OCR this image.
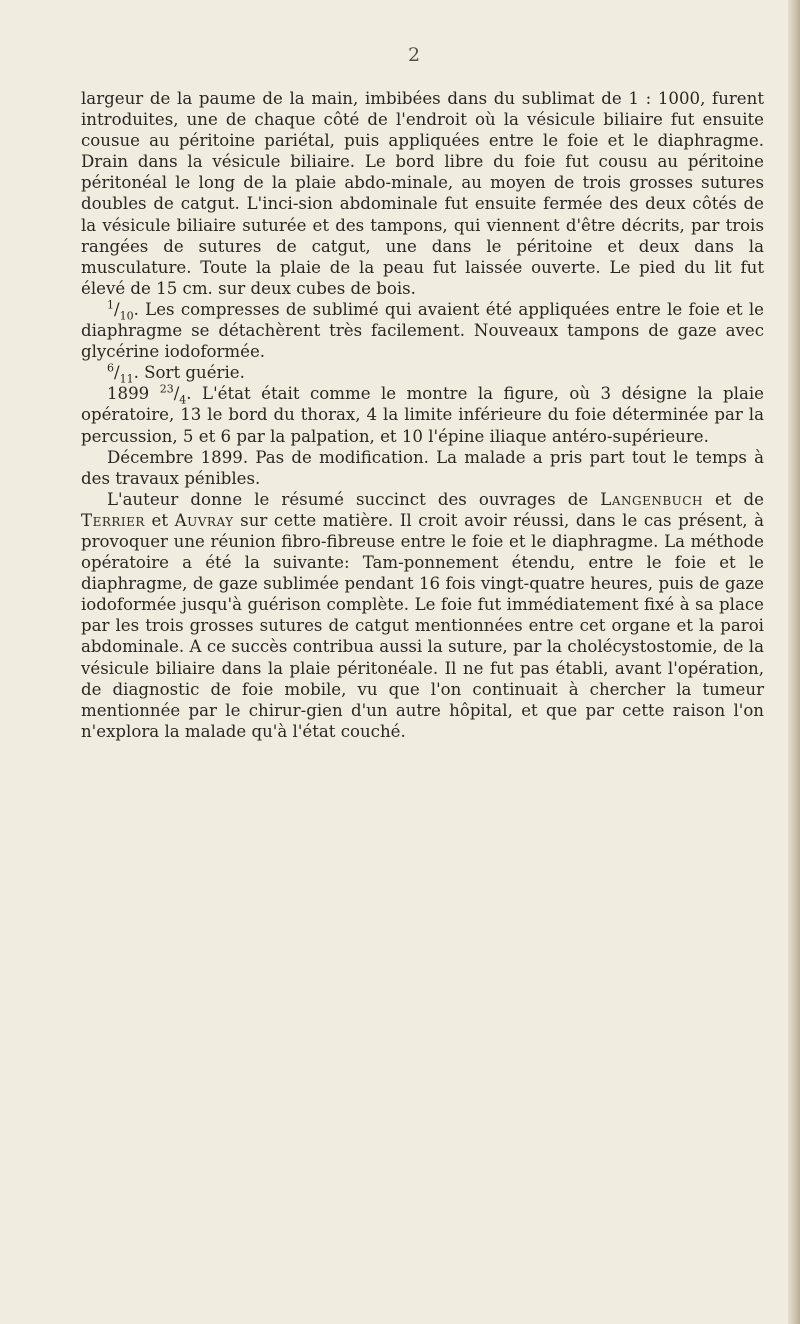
2

largeur de la paume de la main, imbibées dans du sublimat de 1 : 1000, furent introduites, une de chaque côté de l'endroit où la vésicule biliaire fut ensuite cousue au péritoine pariétal, puis appliquées entre le foie et le diaphragme. Drain dans la vésicule biliaire. Le bord libre du foie fut cousu au péritoine péritonéal le long de la plaie abdo-minale, au moyen de trois grosses sutures doubles de catgut. L'inci-sion abdominale fut ensuite fermée des deux côtés de la vésicule biliaire suturée et des tampons, qui viennent d'être décrits, par trois rangées de sutures de catgut, une dans le péritoine et deux dans la musculature. Toute la plaie de la peau fut laissée ouverte. Le pied du lit fut élevé de 15 cm. sur deux cubes de bois.

$^1/_{10}$. Les compresses de sublimé qui avaient été appliquées entre le foie et le diaphragme se détachèrent très facilement. Nouveaux tampons de gaze avec glycérine iodoformée.

$^6/_{11}$. Sort guérie.

1899 $^{23}/_4$. L'état était comme le montre la figure, où 3 désigne la plaie opératoire, 13 le bord du thorax, 4 la limite inférieure du foie déterminée par la percussion, 5 et 6 par la palpation, et 10 l'épine iliaque antéro-supérieure.

Décembre 1899. Pas de modification. La malade a pris part tout le temps à des travaux pénibles.

L'auteur donne le résumé succinct des ouvrages de Langenbuch et de Terrier et Auvray sur cette matière. Il croit avoir réussi, dans le cas présent, à provoquer une réunion fibro-fibreuse entre le foie et le diaphragme. La méthode opératoire a été la suivante: Tam-ponnement étendu, entre le foie et le diaphragme, de gaze sublimée pendant 16 fois vingt-quatre heures, puis de gaze iodoformée jusqu'à guérison complète. Le foie fut immédiatement fixé à sa place par les trois grosses sutures de catgut mentionnées entre cet organe et la paroi abdominale. A ce succès contribua aussi la suture, par la cholécystostomie, de la vésicule biliaire dans la plaie péritonéale. Il ne fut pas établi, avant l'opération, de diagnostic de foie mobile, vu que l'on continuait à chercher la tumeur mentionnée par le chirur-gien d'un autre hôpital, et que par cette raison l'on n'explora la malade qu'à l'état couché.
